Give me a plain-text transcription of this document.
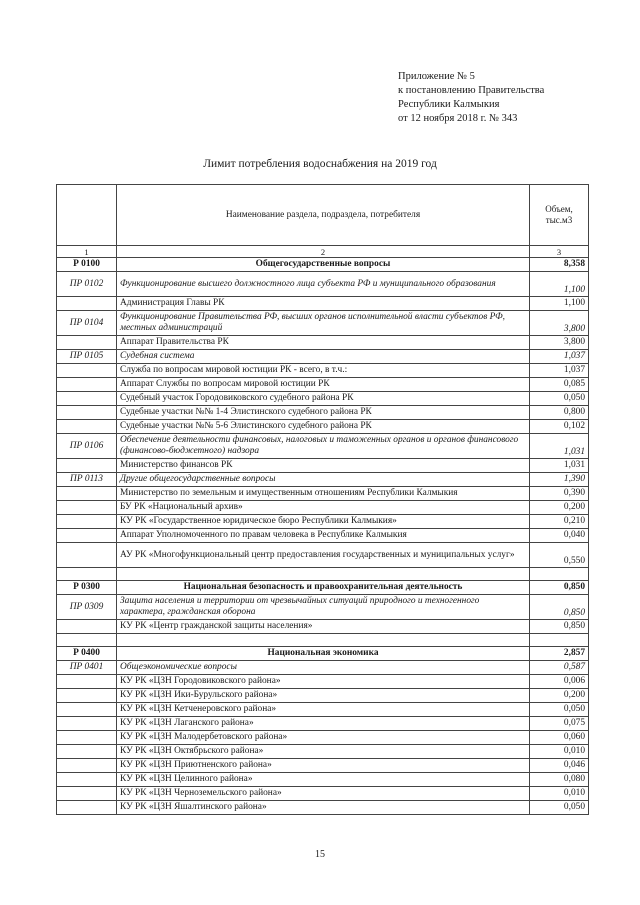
Приложение № 5
к постановлению Правительства
Республики Калмыкия
от 12 ноября 2018 г. № 343
Лимит потребления водоснабжения на 2019 год
	Наименование раздела, подраздела, потребителя	Объем, тыс.м3
1	2	3
Р 0100	Общегосударственные вопросы	8,358
ПР 0102	Функционирование высшего должностного лица субъекта РФ и муниципального образования	1,100
	Администрация Главы РК	1,100
ПР 0104	Функционирование Правительства РФ, высших органов исполнительной власти субъектов РФ, местных администраций	3,800
	Аппарат Правительства РК	3,800
ПР 0105	Судебная система	1,037
	Служба по вопросам мировой юстиции РК - всего, в т.ч.:	1,037
	Аппарат Службы по вопросам мировой юстиции РК	0,085
	Судебный участок Городовиковского судебного района РК	0,050
	Судебные участки №№ 1-4 Элистинского судебного района РК	0,800
	Судебные участки №№ 5-6 Элистинского судебного района РК	0,102
ПР 0106	Обеспечение деятельности финансовых, налоговых и таможенных органов и органов финансового (финансово-бюджетного) надзора	1,031
	Министерство финансов РК	1,031
ПР 0113	Другие общегосударственные вопросы	1,390
	Министерство по земельным и имущественным отношениям Республики Калмыкия	0,390
	БУ РК «Национальный архив»	0,200
	КУ РК «Государственное юридическое бюро Республики Калмыкия»	0,210
	Аппарат Уполномоченного по правам человека в Республике Калмыкия	0,040
	АУ РК «Многофункциональный центр предоставления государственных и муниципальных услуг»	0,550

Р 0300	Национальная безопасность и правоохранительная деятельность	0,850
ПР 0309	Защита населения и территории от чрезвычайных ситуаций природного и техногенного характера, гражданская оборона	0,850
	КУ РК «Центр гражданской защиты населения»	0,850

Р 0400	Национальная экономика	2,857
ПР 0401	Общеэкономические вопросы	0,587
	КУ РК «ЦЗН Городовиковского района»	0,006
	КУ РК «ЦЗН Ики-Бурульского района»	0,200
	КУ РК «ЦЗН Кетченеровского района»	0,050
	КУ РК «ЦЗН Лаганского района»	0,075
	КУ РК «ЦЗН Малодербетовского района»	0,060
	КУ РК «ЦЗН Октябрьского района»	0,010
	КУ РК «ЦЗН Приютненского района»	0,046
	КУ РК «ЦЗН Целинного района»	0,080
	КУ РК «ЦЗН Черноземельского района»	0,010
	КУ РК «ЦЗН Яшалтинского района»	0,050
15
